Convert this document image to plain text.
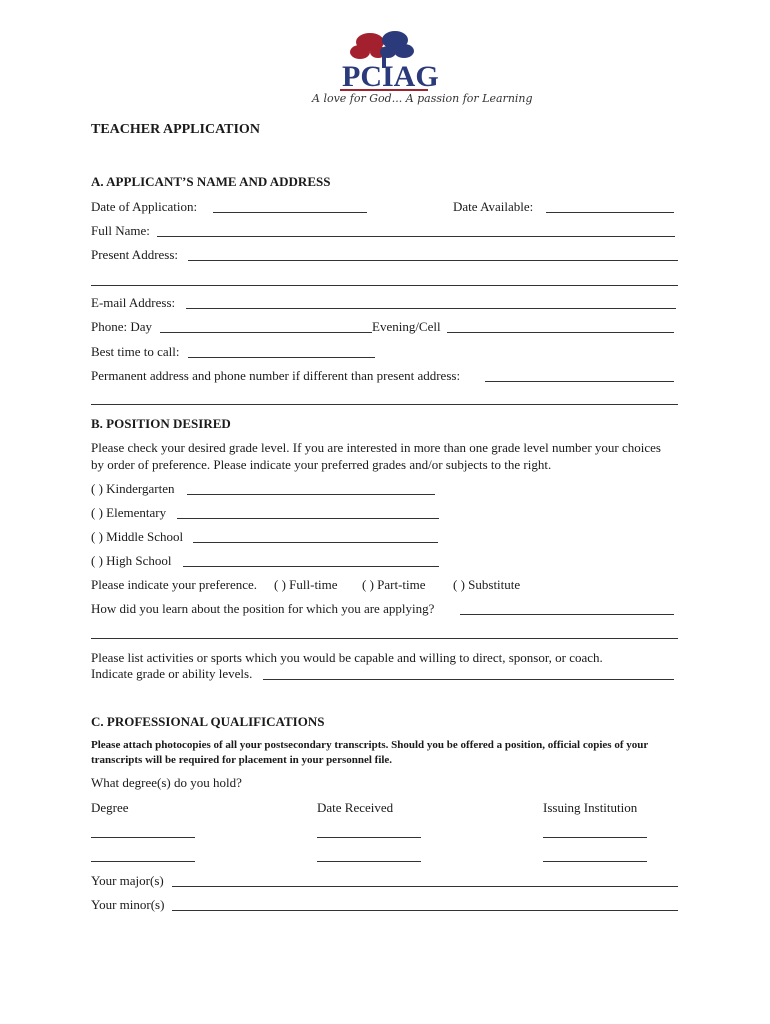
PCIAG
A love for God... A passion for Learning
TEACHER APPLICATION
A. APPLICANT’S NAME AND ADDRESS
Date of Application:	Date Available:
Full Name:
Present Address:
E-mail Address:
Phone: Day	Evening/Cell
Best time to call:
Permanent address and phone number if different than present address:
B. POSITION DESIRED
Please check your desired grade level. If you are interested in more than one grade level number your choices by order of preference. Please indicate your preferred grades and/or subjects to the right.
( ) Kindergarten
( ) Elementary
( ) Middle School
( ) High School
Please indicate your preference. ( ) Full-time ( ) Part-time ( ) Substitute
How did you learn about the position for which you are applying?
Please list activities or sports which you would be capable and willing to direct, sponsor, or coach.
Indicate grade or ability levels.
C. PROFESSIONAL QUALIFICATIONS
Please attach photocopies of all your postsecondary transcripts. Should you be offered a position, official copies of your transcripts will be required for placement in your personnel file.
What degree(s) do you hold?
Degree	Date Received	Issuing Institution
Your major(s)
Your minor(s)
